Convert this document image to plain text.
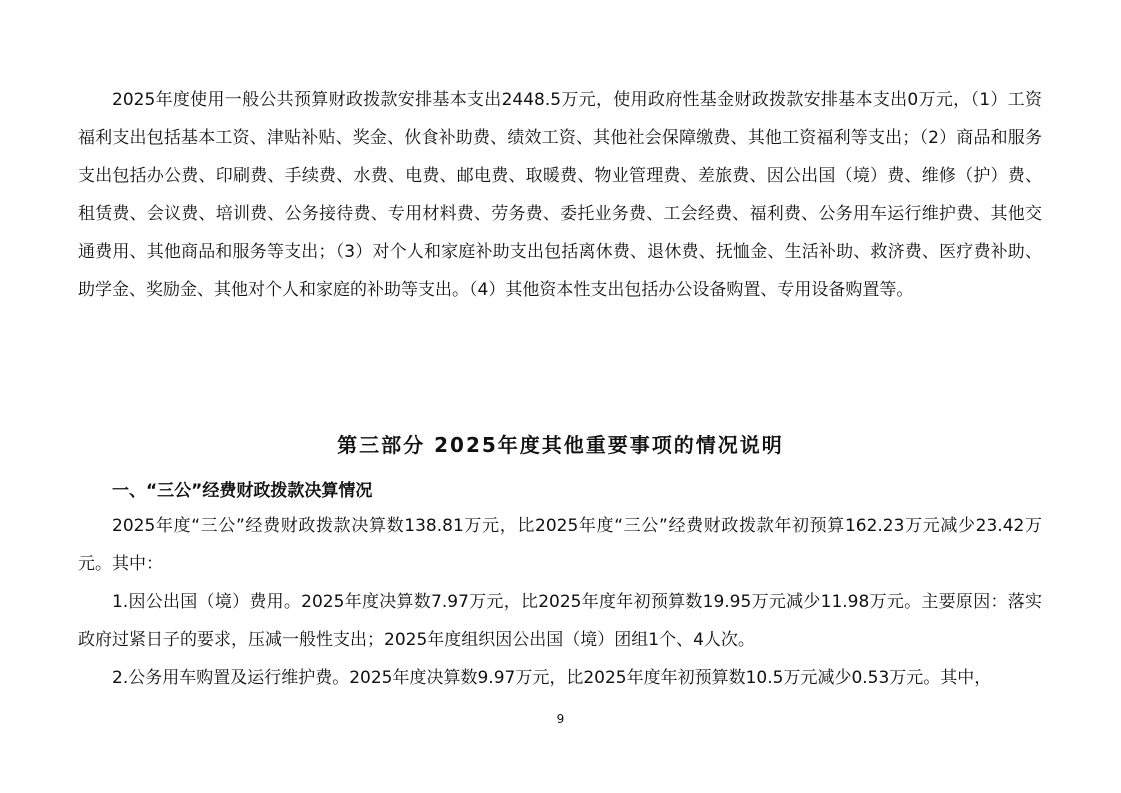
2025年度使用一般公共预算财政拨款安排基本支出2448.5万元，使用政府性基金财政拨款安排基本支出0万元，（1）工资福利支出包括基本工资、津贴补贴、奖金、伙食补助费、绩效工资、其他社会保障缴费、其他工资福利等支出；（2）商品和服务支出包括办公费、印刷费、手续费、水费、电费、邮电费、取暖费、物业管理费、差旅费、因公出国（境）费、维修（护）费、租赁费、会议费、培训费、公务接待费、专用材料费、劳务费、委托业务费、工会经费、福利费、公务用车运行维护费、其他交通费用、其他商品和服务等支出；（3）对个人和家庭补助支出包括离休费、退休费、抚恤金、生活补助、救济费、医疗费补助、助学金、奖励金、其他对个人和家庭的补助等支出。（4）其他资本性支出包括办公设备购置、专用设备购置等。

第三部分 2025年度其他重要事项的情况说明
一、“三公”经费财政拨款决算情况

2025年度“三公”经费财政拨款决算数138.81万元，比2025年度“三公”经费财政拨款年初预算162.23万元减少23.42万元。其中：

1.因公出国（境）费用。2025年度决算数7.97万元，比2025年度年初预算数19.95万元减少11.98万元。主要原因：落实政府过紧日子的要求，压减一般性支出；2025年度组织因公出国（境）团组1个、4人次。

2.公务用车购置及运行维护费。2025年度决算数9.97万元，比2025年度年初预算数10.5万元减少0.53万元。其中，

9
